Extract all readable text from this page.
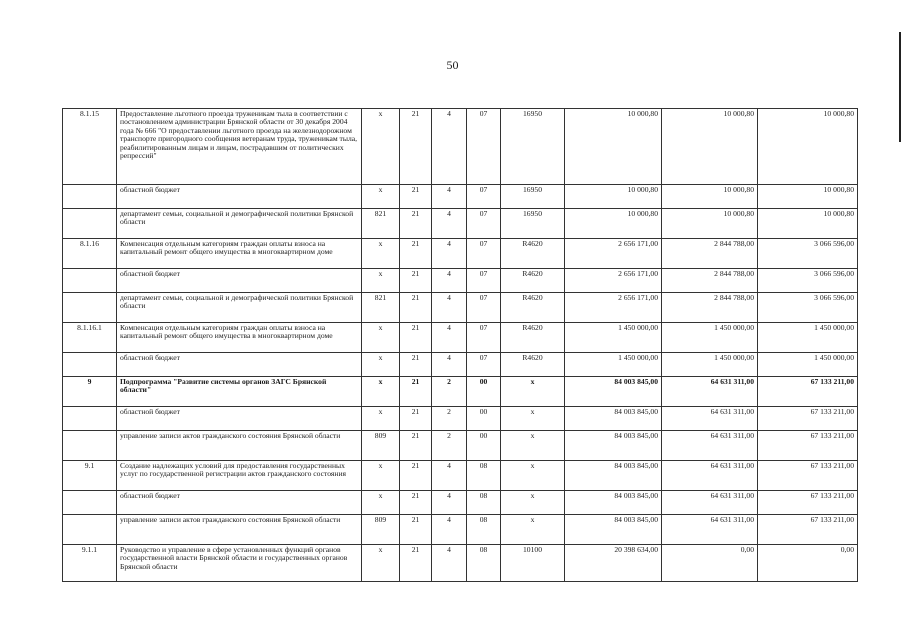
50
8.1.15	Предоставление льготного проезда труженикам тыла в соответствии с постановлением администрации Брянской области от 30 декабря 2004 года № 666 "О предоставлении льготного проезда на железнодорожном транспорте пригородного сообщения ветеранам труда, труженикам тыла, реабилитированным лицам и лицам, пострадавшим от политических репрессий"	x	21	4	07	16950	10 000,80	10 000,80	10 000,80
	областной бюджет	x	21	4	07	16950	10 000,80	10 000,80	10 000,80
	департамент семьи, социальной и демографической политики Брянской области	821	21	4	07	16950	10 000,80	10 000,80	10 000,80
8.1.16	Компенсация отдельным категориям граждан оплаты взноса на капитальный ремонт общего имущества в многоквартирном доме	x	21	4	07	R4620	2 656 171,00	2 844 788,00	3 066 596,00
	областной бюджет	x	21	4	07	R4620	2 656 171,00	2 844 788,00	3 066 596,00
	департамент семьи, социальной и демографической политики Брянской области	821	21	4	07	R4620	2 656 171,00	2 844 788,00	3 066 596,00
8.1.16.1	Компенсация отдельным категориям граждан оплаты взноса на капитальный ремонт общего имущества в многоквартирном доме	x	21	4	07	R4620	1 450 000,00	1 450 000,00	1 450 000,00
	областной бюджет	x	21	4	07	R4620	1 450 000,00	1 450 000,00	1 450 000,00
9	Подпрограмма "Развитие системы органов ЗАГС Брянской области"	x	21	2	00	x	84 003 845,00	64 631 311,00	67 133 211,00
	областной бюджет	x	21	2	00	x	84 003 845,00	64 631 311,00	67 133 211,00
	управление записи актов гражданского состояния Брянской области	809	21	2	00	x	84 003 845,00	64 631 311,00	67 133 211,00
9.1	Создание надлежащих условий для предоставления государственных услуг по государственной регистрации актов гражданского состояния	x	21	4	08	x	84 003 845,00	64 631 311,00	67 133 211,00
	областной бюджет	x	21	4	08	x	84 003 845,00	64 631 311,00	67 133 211,00
	управление записи актов гражданского состояния Брянской области	809	21	4	08	x	84 003 845,00	64 631 311,00	67 133 211,00
9.1.1	Руководство и управление в сфере установленных функций органов государственной власти Брянской области и государственных органов Брянской области	x	21	4	08	10100	20 398 634,00	0,00	0,00
